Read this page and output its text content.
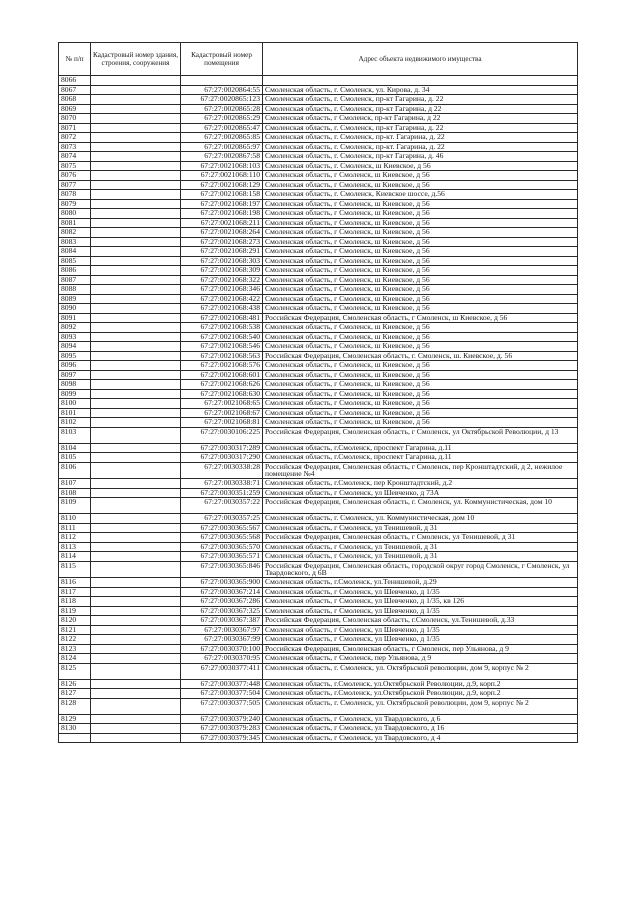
№ п/п	Кадастровый номер здания, строения, сооружения	Кадастровый номер помещения	Адрес объекта недвижимого имущества
8066			
8067		67:27:0020864:55	Смоленская область, г. Смоленск, ул. Кирова, д. 34
8068		67:27:0020865:123	Смоленская область, г. Смоленск, пр-кт Гагарина, д. 22
8069		67:27:0020865:28	Смоленская область, г. Смоленск, пр-кт Гагарина, д 22
8070		67:27:0020865:29	Смоленская область, г Смоленск, пр-кт Гагарина, д 22
8071		67:27:0020865:47	Смоленская область, г. Смоленск, пр-кт Гагарина, д. 22
8072		67:27:0020865:85	Смоленская область, г. Смоленск, пр-кт. Гагарина, д. 22
8073		67:27:0020865:97	Смоленская область, г. Смоленск, пр-кт. Гагарина, д. 22
8074		67:27:0020867:58	Смоленская область, г. Смоленск, пр-кт Гагарина, д. 46
8075		67:27:0021068:103	Смоленская область, г. Смоленск, ш Киевское, д 56
8076		67:27:0021068:110	Смоленская область, г Смоленск, ш Киевское, д 56
8077		67:27:0021068:129	Смоленская область, г Смоленск, ш Киевское, д 56
8078		67:27:0021068:158	Смоленская область, г. Смоленск, Киевское шоссе, д.56
8079		67:27:0021068:197	Смоленская область, г Смоленск, ш Киевское, д 56
8080		67:27:0021068:198	Смоленская область, г Смоленск, ш Киевское, д 56
8081		67:27:0021068:211	Смоленская область, г Смоленск, ш Киевское, д 56
8082		67:27:0021068:264	Смоленская область, г Смоленск, ш Киевское, д 56
8083		67:27:0021068:273	Смоленская область, г Смоленск, ш Киевское, д 56
8084		67:27:0021068:291	Смоленская область, г Смоленск, ш Киевское, д 56
8085		67:27:0021068:303	Смоленская область, г Смоленск, ш Киевское, д 56
8086		67:27:0021068:309	Смоленская область, г Смоленск, ш Киевское, д 56
8087		67:27:0021068:322	Смоленская область, г Смоленск, ш Киевское, д 56
8088		67:27:0021068:346	Смоленская область, г Смоленск, ш Киевское, д 56
8089		67:27:0021068:422	Смоленская область, г Смоленск, ш Киевское, д 56
8090		67:27:0021068:438	Смоленская область, г Смоленск, ш Киевское, д 56
8091		67:27:0021068:481	Российская Федерация, Смоленская область, г Смоленск, ш Киевское, д 56
8092		67:27:0021068:538	Смоленская область, г Смоленск, ш Киевское, д 56
8093		67:27:0021068:540	Смоленская область, г Смоленск, ш Киевское, д 56
8094		67:27:0021068:546	Смоленская область, г Смоленск, ш Киевское, д 56
8095		67:27:0021068:563	Российская Федерация, Смоленская область, г. Смоленск, ш. Киевское, д. 56
8096		67:27:0021068:576	Смоленская область, г Смоленск, ш Киевское, д 56
8097		67:27:0021068:601	Смоленская область, г Смоленск, ш Киевское, д 56
8098		67:27:0021068:626	Смоленская область, г Смоленск, ш Киевское, д 56
8099		67:27:0021068:630	Смоленская область, г Смоленск, ш Киевское, д 56
8100		67:27:0021068:65	Смоленская область, г Смоленск, ш Киевское, д 56
8101		67:27:0021068:67	Смоленская область, г Смоленск, ш Киевское, д 56
8102		67:27:0021068:81	Смоленская область, г Смоленск, ш Киевское, д 56
8103		67:27:0030106:225	Российская Федерация, Смоленская область, г Смоленск, ул Октябрьской Революции, д 13
8104		67:27:0030317:289	Смоленская область, г.Смоленск, проспект Гагарина, д.11
8105		67:27:0030317:290	Смоленская область, г.Смоленск, проспект Гагарина, д.11
8106		67:27:0030338:28	Российская Федерация, Смоленская область, г Смоленск, пер Кронштадтский, д 2, нежилое помещение №4
8107		67:27:0030338:71	Смоленская область, г.Смоленск, пер Кронштадтский, д.2
8108		67:27:0030351:259	Смоленская область, г Смоленск, ул Шевченко, д 73А
8109		67:27:0030357:22	Российская Федерация, Смоленская область, г. Смоленск, ул. Коммунистическая, дом 10
8110		67:27:0030357:25	Смоленская область, г. Смоленск, ул. Коммунистическая, дом 10
8111		67:27:0030365:567	Смоленская область, г Смоленск, ул Тенишевой, д 31
8112		67:27:0030365:568	Российская Федерация, Смоленская область, г Смоленск, ул Тенишевой, д 31
8113		67:27:0030365:570	Смоленская область, г Смоленск, ул Тенишевой, д 31
8114		67:27:0030365:571	Смоленская область, г Смоленск, ул Тенишевой, д 31
8115		67:27:0030365:846	Российская Федерация, Смоленская область, городской округ город Смоленск, г Смоленск, ул Твардовского, д 6В
8116		67:27:0030365:900	Смоленская область, г.Смоленск, ул.Тенишевой, д.29
8117		67:27:0030367:214	Смоленская область, г Смоленск, ул Шевченко, д 1/35
8118		67:27:0030367:286	Смоленская область, г Смоленск, ул Шевченко, д 1/35, кв 126
8119		67:27:0030367:325	Смоленская область, г Смоленск, ул Шевченко, д 1/35
8120		67:27:0030367:387	Российская Федерация, Смоленская область, г.Смоленск, ул.Тенишевой, д.33
8121		67:27:0030367:97	Смоленская область, г Смоленск, ул Шевченко, д 1/35
8122		67:27:0030367:99	Смоленская область, г Смоленск, ул Шевченко, д 1/35
8123		67:27:0030370:100	Российская Федерация, Смоленская область, г Смоленск, пер Ульянова, д 9
8124		67:27:0030370:95	Смоленская область, г Смоленск, пер Ульянова, д 9
8125		67:27:0030377:411	Смоленская область, г. Смоленск, ул. Октябрьской революции, дом 9, корпус № 2
8126		67:27:0030377:448	Смоленская область, г.Смоленск, ул.Октябрьской Революции, д.9, корп.2
8127		67:27:0030377:504	Смоленская область, г.Смоленск, ул.Октябрьской Революции, д.9, корп.2
8128		67:27:0030377:505	Смоленская область, г. Смоленск, ул. Октябрьской революции, дом 9, корпус № 2
8129		67:27:0030379:240	Смоленская область, г Смоленск, ул Твардовского, д 6
8130		67:27:0030379:283	Смоленская область, г Смоленск, ул Твардовского, д 16
		67:27:0030379:345	Смоленская область, г Смоленск, ул Твардовского, д 4
